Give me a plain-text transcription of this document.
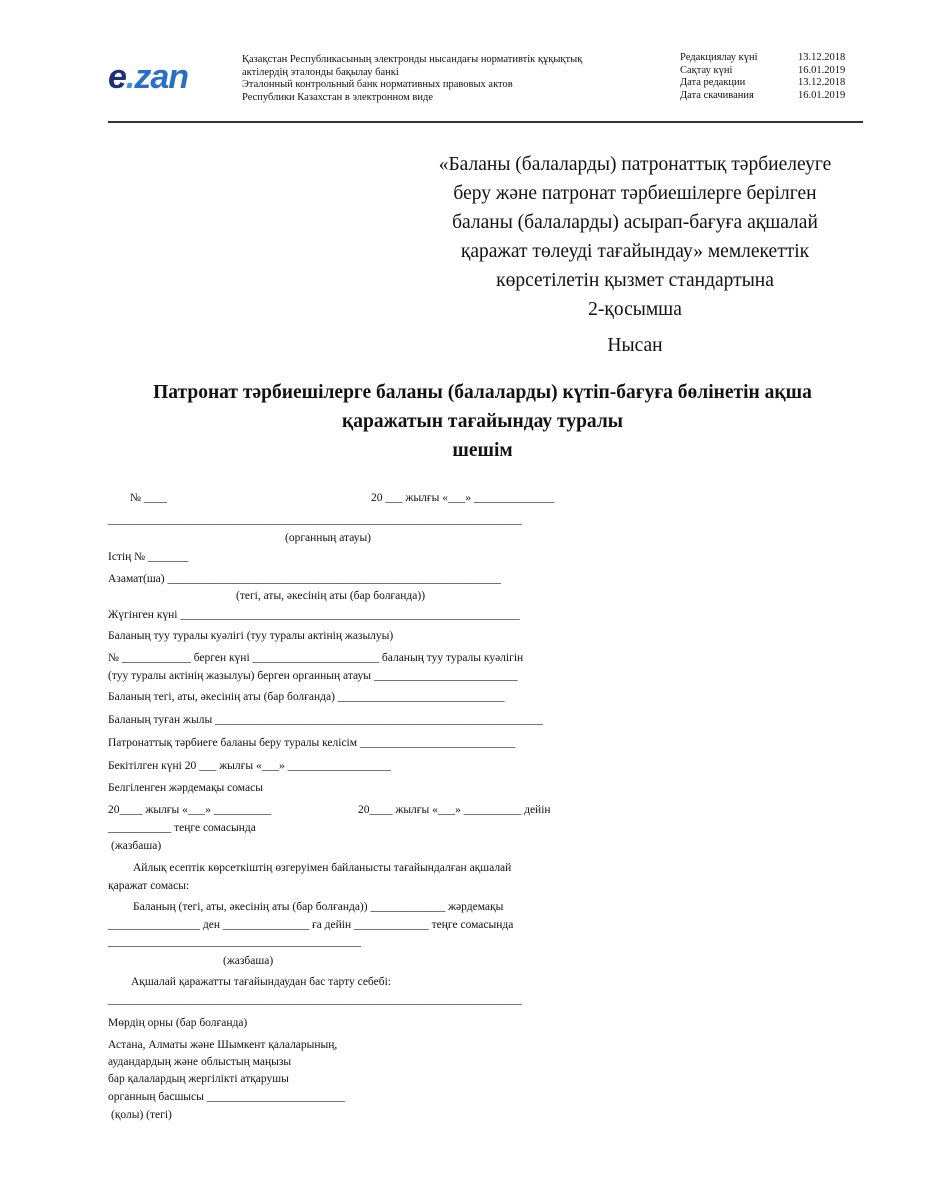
e.zan	Қазақстан Республикасының электронды нысандағы нормативтік құқықтық
актілердің эталонды бақылау банкі
Эталонный контрольный банк нормативных правовых актов
Республики Казахстан в электронном виде
Редакциялау күні	13.12.2018
Сақтау күні	16.01.2019
Дата редакции	13.12.2018
Дата скачивания	16.01.2019
«Баланы (балаларды) патронаттық тәрбиелеуге
беру және патронат тәрбиешілерге берілген
баланы (балаларды) асырап-бағуға ақшалай
қаражат төлеуді тағайындау» мемлекеттік
көрсетілетін қызмет стандартына
2-қосымша
Нысан
Патронат тәрбиешілерге баланы (балаларды) күтіп-бағуға бөлінетін ақша
қаражатын тағайындау туралы
шешім
№ ____	20 ___ жылғы «___» ______________
________________________________________________________________________
(органның атауы)
Істің № _______
Азамат(ша) __________________________________________________________
(тегі, аты, әкесінің аты (бар болғанда))
Жүгінген күні ___________________________________________________________
Баланың туу туралы куәлігі (туу туралы актінің жазылуы)
№ ____________ берген күні ______________________ баланың туу туралы куәлігін
(туу туралы актінің жазылуы) берген органның атауы _________________________
Баланың тегі, аты, әкесінің аты (бар болғанда) _____________________________
Баланың туған жылы _________________________________________________________
Патронаттық тәрбиеге баланы беру туралы келісім ___________________________
Бекітілген күні 20 ___ жылғы «___» __________________
Белгіленген жәрдемақы сомасы
20____ жылғы «___» __________	20____ жылғы «___» __________ дейін
___________ теңге сомасында
(жазбаша)
Айлық есептік көрсеткіштің өзгеруімен байланысты тағайындалған ақшалай
қаражат сомасы:
Баланың (тегі, аты, әкесінің аты (бар болғанда)) _____________ жәрдемақы
________________ ден _______________ ға дейін _____________ теңге сомасында
____________________________________________
(жазбаша)
Ақшалай қаражатты тағайындаудан бас тарту себебі:
________________________________________________________________________
Мөрдің орны (бар болғанда)
Астана, Алматы және Шымкент қалаларының,
аудандардың және облыстың маңызы
бар қалалардың жергілікті атқарушы
органның басшысы ________________________
(қолы) (тегі)
